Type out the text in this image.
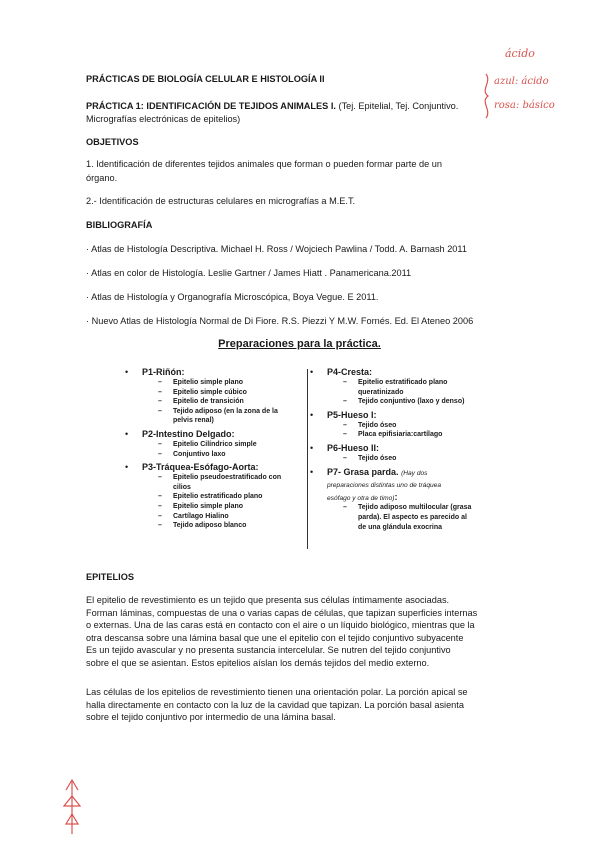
PRÁCTICAS DE BIOLOGÍA CELULAR E HISTOLOGÍA II
PRÁCTICA 1: IDENTIFICACIÓN DE TEJIDOS ANIMALES I. (Tej. Epitelial, Tej. Conjuntivo.
Micrografías electrónicas de epitelios)
OBJETIVOS
1. Identificación de diferentes tejidos animales que forman o pueden formar parte de un
órgano.
2.- Identificación de estructuras celulares en micrografías a M.E.T.
BIBLIOGRAFÍA
· Atlas de Histología Descriptiva. Michael H. Ross / Wojciech Pawlina / Todd. A. Barnash 2011
· Atlas en color de Histología. Leslie Gartner / James Hiatt . Panamericana.2011
· Atlas de Histología y Organografía Microscópica, Boya Vegue. E 2011.
· Nuevo Atlas de Histología Normal de Di Fiore. R.S. Piezzi Y M.W. Fornés. Ed. El Ateneo 2006
Preparaciones para la práctica.
• P1-Riñón:
– Epitelio simple plano
– Epitelio simple cúbico
– Epitelio de transición
– Tejido adiposo (en la zona de la
pelvis renal)
• P2-Intestino Delgado:
– Epitelio Cilíndrico simple
– Conjuntivo laxo
• P3-Tráquea-Esófago-Aorta:
– Epitelio pseudoestratificado con
cilios
– Epitelio estratificado plano
– Epitelio simple plano
– Cartílago Hialino
– Tejido adiposo blanco
• P4-Cresta:
– Epitelio estratificado plano
queratinizado
– Tejido conjuntivo (laxo y denso)
• P5-Hueso I:
– Tejido óseo
– Placa epifisiaria:cartílago
• P6-Hueso II:
– Tejido óseo
• P7- Grasa parda. (Hay dos
preparaciones distintas uno de tráquea
esófago y otra de timo):
– Tejido adiposo multilocular (grasa
parda). El aspecto es parecido al
de una glándula exocrina
EPITELIOS
El epitelio de revestimiento es un tejido que presenta sus células íntimamente asociadas.
Forman láminas, compuestas de una o varias capas de células, que tapizan superficies internas
o externas. Una de las caras está en contacto con el aire o un líquido biológico, mientras que la
otra descansa sobre una lámina basal que une el epitelio con el tejido conjuntivo subyacente
Es un tejido avascular y no presenta sustancia intercelular. Se nutren del tejido conjuntivo
sobre el que se asientan. Estos epitelios aíslan los demás tejidos del medio externo.
Las células de los epitelios de revestimiento tienen una orientación polar. La porción apical se
halla directamente en contacto con la luz de la cavidad que tapizan. La porción basal asienta
sobre el tejido conjuntivo por intermedio de una lámina basal.
ácido
azul: ácido
rosa: básico
